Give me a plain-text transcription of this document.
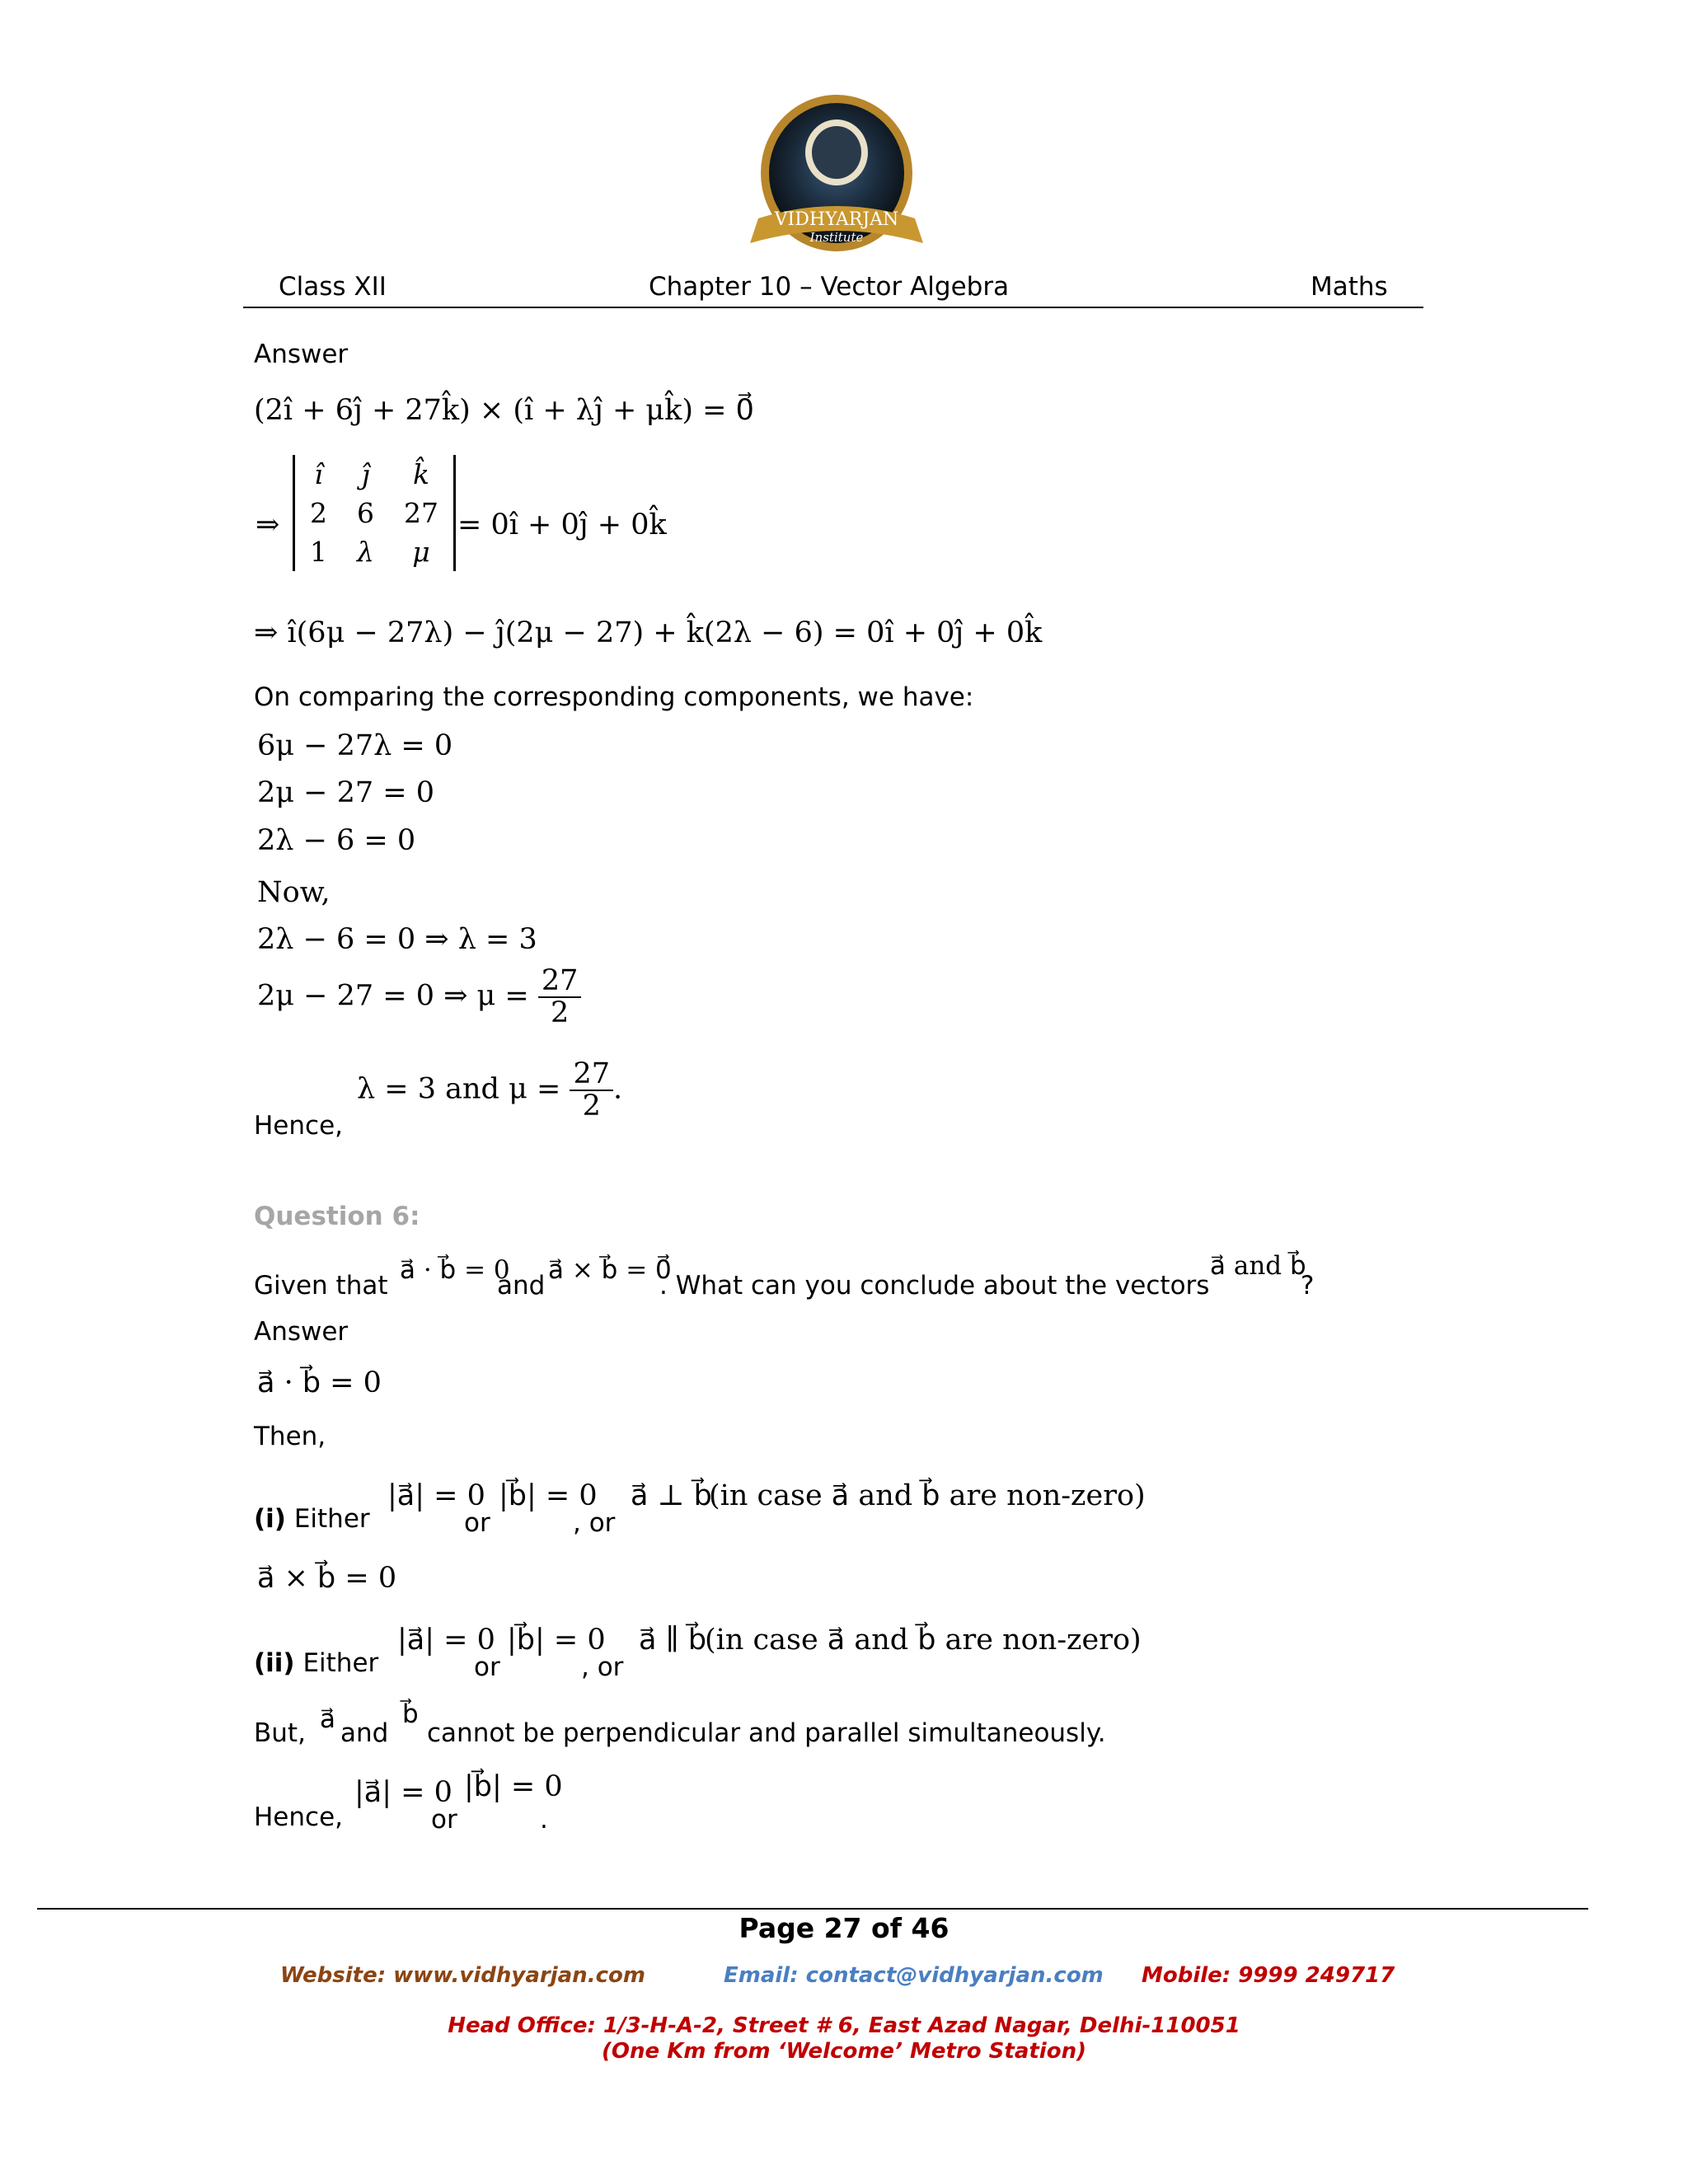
VIDHYARJAN
Institute
Class XII	Chapter 10 – Vector Algebra	Maths
Answer
(2î + 6ĵ + 27k̂) × (î + λĵ + μk̂) = 0⃗
⇒
î	ĵ	k̂
2	6	27
1	λ	μ
= 0î + 0ĵ + 0k̂
⇒ î(6μ − 27λ) − ĵ(2μ − 27) + k̂(2λ − 6) = 0î + 0ĵ + 0k̂
On comparing the corresponding components, we have:
6μ − 27λ = 0
2μ − 27 = 0
2λ − 6 = 0
Now,
2λ − 6 = 0 ⇒ λ = 3
2μ − 27 = 0 ⇒ $\mu = \frac{27}{2}$
Hence,
λ = 3 and $\mu = \frac{27}{2}$ .
Question 6:
Given that
a⃗ · b⃗ = 0
and
a⃗ × b⃗ = 0⃗
. What can you conclude about the vectors
a⃗ and b⃗
?
Answer
a⃗ · b⃗ = 0
Then,
(i) Either
|a⃗| = 0
or
|b⃗| = 0
, or
a⃗ ⊥ b⃗
(in case a⃗ and b⃗ are non-zero)
a⃗ × b⃗ = 0
(ii) Either
|a⃗| = 0
or
|b⃗| = 0
, or
a⃗ ∥ b⃗
(in case a⃗ and b⃗ are non-zero)
But, a⃗ and
b⃗
cannot be perpendicular and parallel simultaneously.
Hence,
|a⃗| = 0
or
|b⃗| = 0
.
Page 27 of 46
Website: www.vidhyarjan.com	Email: contact@vidhyarjan.com Mobile: 9999 249717
Head Office: 1/3-H-A-2, Street # 6, East Azad Nagar, Delhi-110051
(One Km from ‘Welcome’ Metro Station)
